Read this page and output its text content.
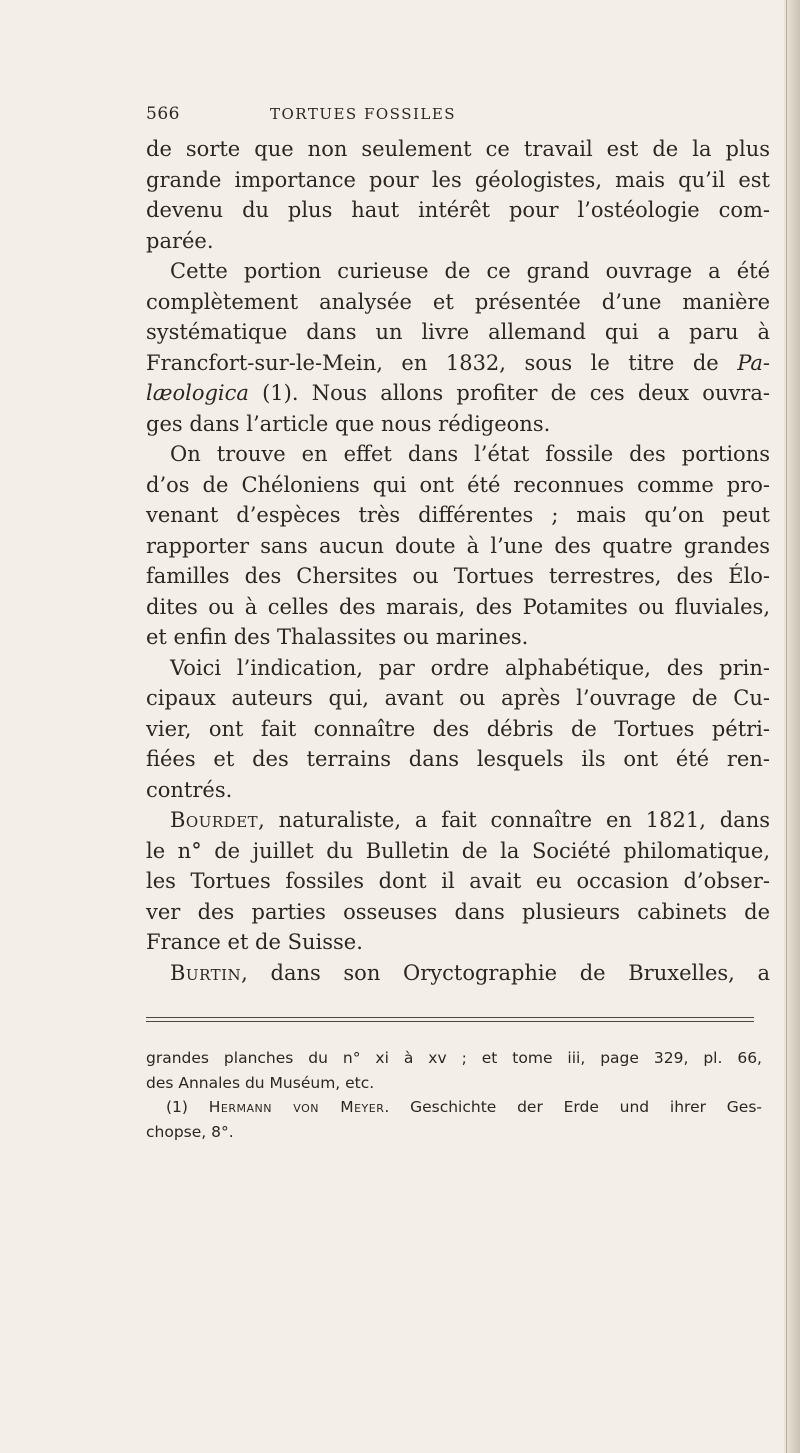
566	TORTUES FOSSILES
de sorte que non seulement ce travail est de la plus
grande importance pour les géologistes, mais qu’il est
devenu du plus haut intérêt pour l’ostéologie com-
parée.
Cette portion curieuse de ce grand ouvrage a été
complètement analysée et présentée d’une manière
systématique dans un livre allemand qui a paru à
Francfort-sur-le-Mein, en 1832, sous le titre de Pa-
læologica (1). Nous allons profiter de ces deux ouvra-
ges dans l’article que nous rédigeons.
On trouve en effet dans l’état fossile des portions
d’os de Chéloniens qui ont été reconnues comme pro-
venant d’espèces très différentes ; mais qu’on peut
rapporter sans aucun doute à l’une des quatre grandes
familles des Chersites ou Tortues terrestres, des Élo-
dites ou à celles des marais, des Potamites ou fluviales,
et enfin des Thalassites ou marines.
Voici l’indication, par ordre alphabétique, des prin-
cipaux auteurs qui, avant ou après l’ouvrage de Cu-
vier, ont fait connaître des débris de Tortues pétri-
fiées et des terrains dans lesquels ils ont été ren-
contrés.
Bourdet, naturaliste, a fait connaître en 1821, dans
le n° de juillet du Bulletin de la Société philomatique,
les Tortues fossiles dont il avait eu occasion d’obser-
ver des parties osseuses dans plusieurs cabinets de
France et de Suisse.
Burtin, dans son Oryctographie de Bruxelles, a
grandes planches du n° xi à xv ; et tome iii, page 329, pl. 66,
des Annales du Muséum, etc.
(1) Hermann von Meyer. Geschichte der Erde und ihrer Ges-
chopse, 8°.
